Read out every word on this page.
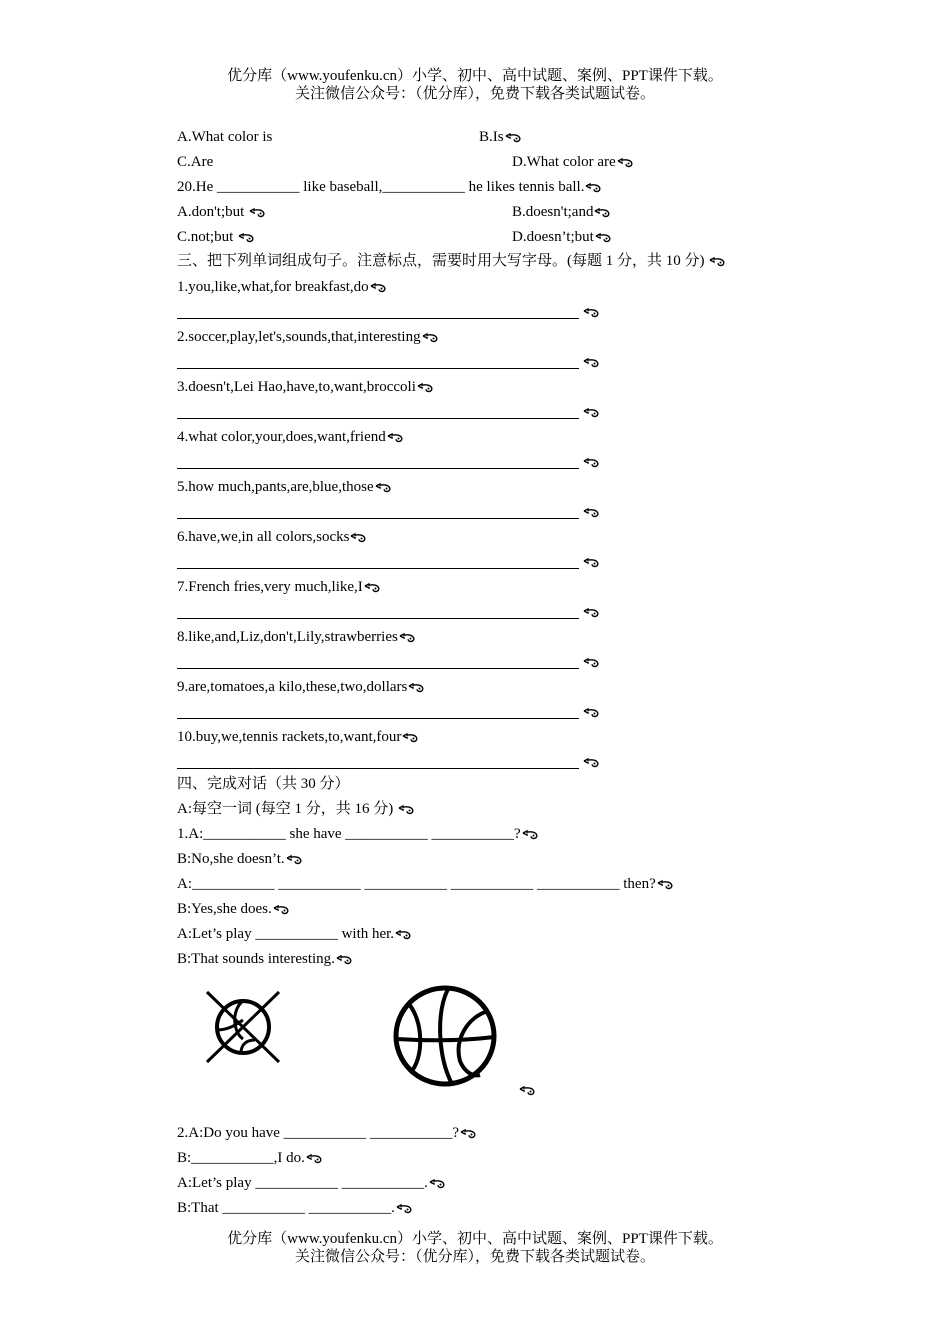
优分库（www.youfenku.cn）小学、初中、高中试题、案例、PPT课件下载。
关注微信公众号：（优分库），免费下载各类试题试卷。
A.What color is	B.Is
C.Are	D.What color are
20.He ___________ like baseball,___________ he likes tennis ball.
A.don't;but	B.doesn't;and
C.not;but	D.doesn’t;but
三、把下列单词组成句子。注意标点，需要时用大写字母。(每题 1 分，共 10 分)
1.you,like,what,for breakfast,do
2.soccer,play,let's,sounds,that,interesting
3.doesn't,Lei Hao,have,to,want,broccoli
4.what color,your,does,want,friend
5.how much,pants,are,blue,those
6.have,we,in all colors,socks
7.French fries,very much,like,I
8.like,and,Liz,don't,Lily,strawberries
9.are,tomatoes,a kilo,these,two,dollars
10.buy,we,tennis rackets,to,want,four
四、完成对话（共 30 分）
A:每空一词 (每空 1 分，共 16 分)
1.A:___________ she have ___________ ___________?
B:No,she doesn’t.
A:___________ ___________ ___________ ___________ ___________ then?
B:Yes,she does.
A:Let’s play ___________ with her.
B:That sounds interesting.
2.A:Do you have ___________ ___________?
B:___________,I do.
A:Let’s play ___________ ___________.
B:That ___________ ___________.
优分库（www.youfenku.cn）小学、初中、高中试题、案例、PPT课件下载。
关注微信公众号：（优分库），免费下载各类试题试卷。
